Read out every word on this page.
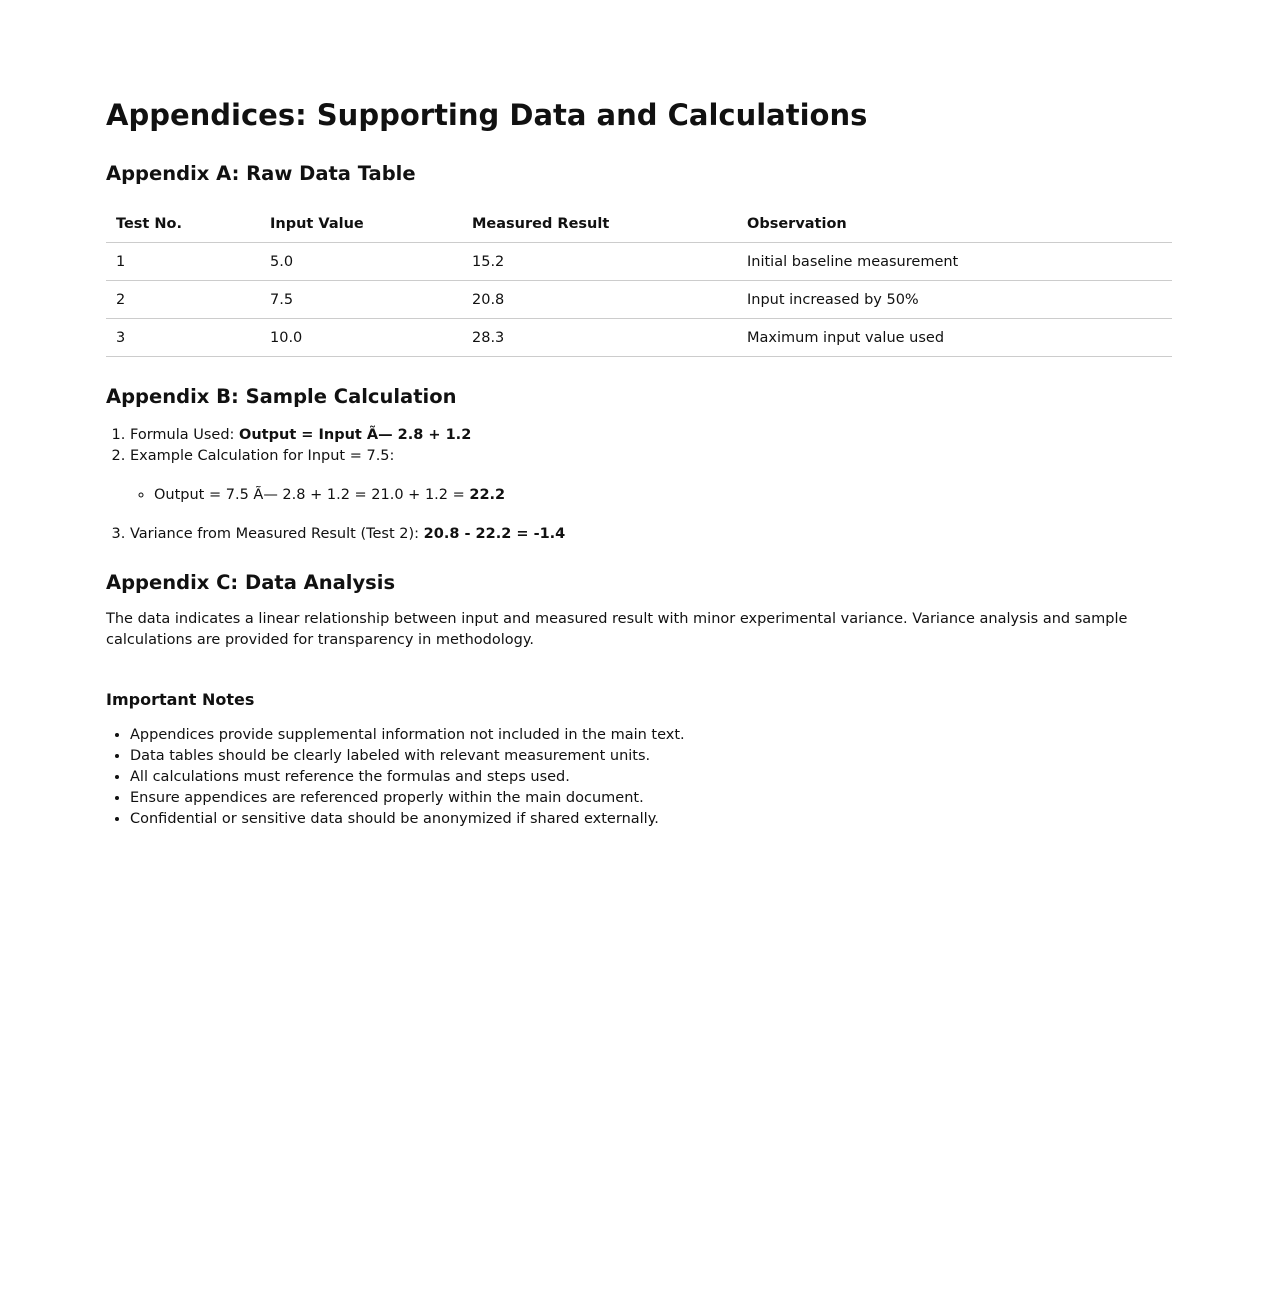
Appendices: Supporting Data and Calculations
Appendix A: Raw Data Table
Test No.	Input Value	Measured Result	Observation
1	5.0	15.2	Initial baseline measurement
2	7.5	20.8	Input increased by 50%
3	10.0	28.3	Maximum input value used
Appendix B: Sample Calculation
1. Formula Used: Output = Input Ã— 2.8 + 1.2
2. Example Calculation for Input = 7.5:
◦ Output = 7.5 Ã— 2.8 + 1.2 = 21.0 + 1.2 = 22.2
3. Variance from Measured Result (Test 2): 20.8 - 22.2 = -1.4
Appendix C: Data Analysis

The data indicates a linear relationship between input and measured result with minor experimental variance. Variance analysis and sample calculations are provided for transparency in methodology.

Important Notes
• Appendices provide supplemental information not included in the main text.
• Data tables should be clearly labeled with relevant measurement units.
• All calculations must reference the formulas and steps used.
• Ensure appendices are referenced properly within the main document.
• Confidential or sensitive data should be anonymized if shared externally.
